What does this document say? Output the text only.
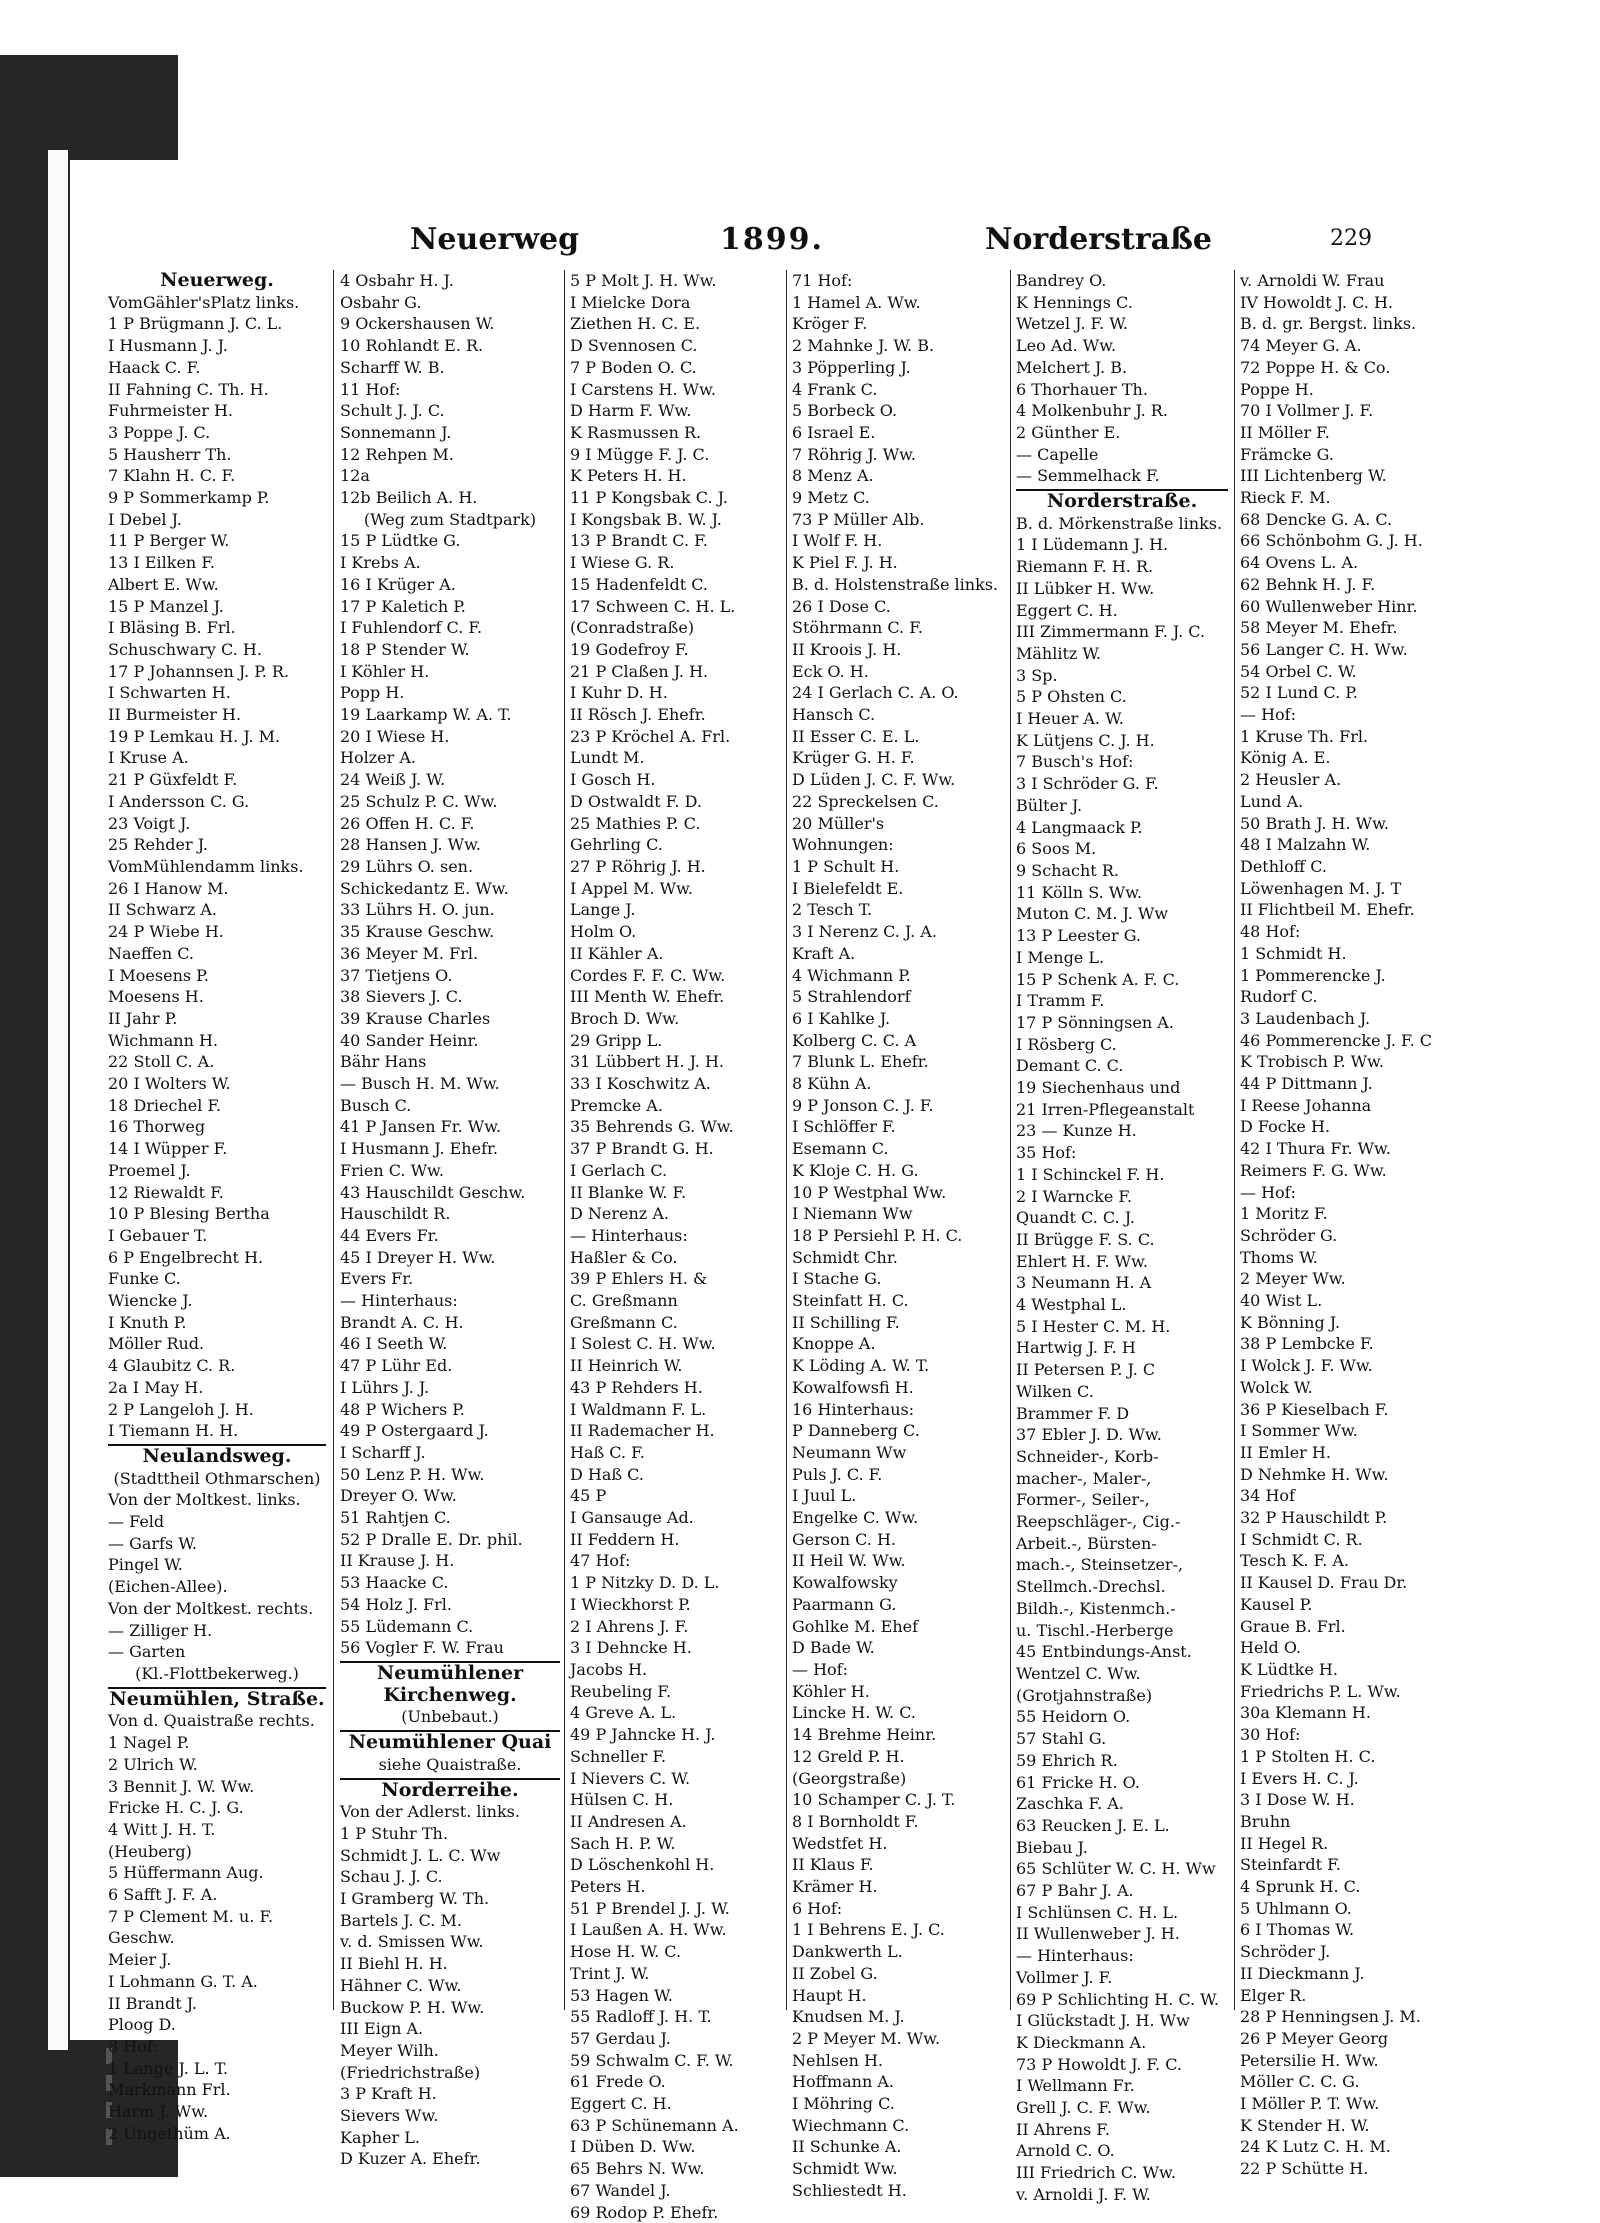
Neuerweg	1899.	Norderstraße	229
Neuerweg.
VomGähler'sPlatz links.
1 P Brügmann J. C. L.
I Husmann J. J.
Haack C. F.
II Fahning C. Th. H.
Fuhrmeister H.
3 Poppe J. C.
5 Hausherr Th.
7 Klahn H. C. F.
9 P Sommerkamp P.
I Debel J.
11 P Berger W.
13 I Eilken F.
Albert E. Ww.
15 P Manzel J.
I Bläsing B. Frl.
Schuschwary C. H.
17 P Johannsen J. P. R.
I Schwarten H.
II Burmeister H.
19 P Lemkau H. J. M.
I Kruse A.
21 P Güxfeldt F.
I Andersson C. G.
23 Voigt J.
25 Rehder J.
VomMühlendamm links.
26 I Hanow M.
II Schwarz A.
24 P Wiebe H.
Naeffen C.
I Moesens P.
Moesens H.
II Jahr P.
Wichmann H.
22 Stoll C. A.
20 I Wolters W.
18 Driechel F.
16 Thorweg
14 I Wüpper F.
Proemel J.
12 Riewaldt F.
10 P Blesing Bertha
I Gebauer T.
6 P Engelbrecht H.
Funke C.
Wiencke J.
I Knuth P.
Möller Rud.
4 Glaubitz C. R.
2a I May H.
2 P Langeloh J. H.
I Tiemann H. H.
Neulandsweg.
(Stadttheil Othmarschen)
Von der Moltkest. links.
— Feld
— Garfs W.
Pingel W.
(Eichen-Allee).
Von der Moltkest. rechts.
— Zilliger H.
— Garten
(Kl.-Flottbekerweg.)
Neumühlen, Straße.
Von d. Quaistraße rechts.
1 Nagel P.
2 Ulrich W.
3 Bennit J. W. Ww.
Fricke H. C. J. G.
4 Witt J. H. T.
(Heuberg)
5 Hüffermann Aug.
6 Safft J. F. A.
7 P Clement M. u. F.
Geschw.
Meier J.
I Lohmann G. T. A.
II Brandt J.
Ploog D.
8 Hof:
1 Lange J. L. T.
Markmann Frl.
Harm J. Ww.
2 Ungethüm A.
4 Osbahr H. J.
Osbahr G.
9 Ockershausen W.
10 Rohlandt E. R.
Scharff W. B.
11 Hof:
Schult J. J. C.
Sonnemann J.
12 Rehpen M.
12a
12b Beilich A. H.
(Weg zum Stadtpark)
15 P Lüdtke G.
I Krebs A.
16 I Krüger A.
17 P Kaletich P.
I Fuhlendorf C. F.
18 P Stender W.
I Köhler H.
Popp H.
19 Laarkamp W. A. T.
20 I Wiese H.
Holzer A.
24 Weiß J. W.
25 Schulz P. C. Ww.
26 Offen H. C. F.
28 Hansen J. Ww.
29 Lührs O. sen.
Schickedantz E. Ww.
33 Lührs H. O. jun.
35 Krause Geschw.
36 Meyer M. Frl.
37 Tietjens O.
38 Sievers J. C.
39 Krause Charles
40 Sander Heinr.
Bähr Hans
— Busch H. M. Ww.
Busch C.
41 P Jansen Fr. Ww.
I Husmann J. Ehefr.
Frien C. Ww.
43 Hauschildt Geschw.
Hauschildt R.
44 Evers Fr.
45 I Dreyer H. Ww.
Evers Fr.
— Hinterhaus:
Brandt A. C. H.
46 I Seeth W.
47 P Lühr Ed.
I Lührs J. J.
48 P Wichers P.
49 P Ostergaard J.
I Scharff J.
50 Lenz P. H. Ww.
Dreyer O. Ww.
51 Rahtjen C.
52 P Dralle E. Dr. phil.
II Krause J. H.
53 Haacke C.
54 Holz J. Frl.
55 Lüdemann C.
56 Vogler F. W. Frau
Neumühlener
Kirchenweg.
(Unbebaut.)
Neumühlener Quai
siehe Quaistraße.
Norderreihe.
Von der Adlerst. links.
1 P Stuhr Th.
Schmidt J. L. C. Ww
Schau J. J. C.
I Gramberg W. Th.
Bartels J. C. M.
v. d. Smissen Ww.
II Biehl H. H.
Hähner C. Ww.
Buckow P. H. Ww.
III Eign A.
Meyer Wilh.
(Friedrichstraße)
3 P Kraft H.
Sievers Ww.
Kapher L.
D Kuzer A. Ehefr.
5 P Molt J. H. Ww.
I Mielcke Dora
Ziethen H. C. E.
D Svennosen C.
7 P Boden O. C.
I Carstens H. Ww.
D Harm F. Ww.
K Rasmussen R.
9 I Mügge F. J. C.
K Peters H. H.
11 P Kongsbak C. J.
I Kongsbak B. W. J.
13 P Brandt C. F.
I Wiese G. R.
15 Hadenfeldt C.
17 Schween C. H. L.
(Conradstraße)
19 Godefroy F.
21 P Claßen J. H.
I Kuhr D. H.
II Rösch J. Ehefr.
23 P Kröchel A. Frl.
Lundt M.
I Gosch H.
D Ostwaldt F. D.
25 Mathies P. C.
Gehrling C.
27 P Röhrig J. H.
I Appel M. Ww.
Lange J.
Holm O.
II Kähler A.
Cordes F. F. C. Ww.
III Menth W. Ehefr.
Broch D. Ww.
29 Gripp L.
31 Lübbert H. J. H.
33 I Koschwitz A.
Premcke A.
35 Behrends G. Ww.
37 P Brandt G. H.
I Gerlach C.
II Blanke W. F.
D Nerenz A.
— Hinterhaus:
Haßler & Co.
39 P Ehlers H. &
C. Greßmann
Greßmann C.
I Solest C. H. Ww.
II Heinrich W.
43 P Rehders H.
I Waldmann F. L.
II Rademacher H.
Haß C. F.
D Haß C.
45 P
I Gansauge Ad.
II Feddern H.
47 Hof:
1 P Nitzky D. D. L.
I Wieckhorst P.
2 I Ahrens J. F.
3 I Dehncke H.
Jacobs H.
Reubeling F.
4 Greve A. L.
49 P Jahncke H. J.
Schneller F.
I Nievers C. W.
Hülsen C. H.
II Andresen A.
Sach H. P. W.
D Löschenkohl H.
Peters H.
51 P Brendel J. J. W.
I Laußen A. H. Ww.
Hose H. W. C.
Trint J. W.
53 Hagen W.
55 Radloff J. H. T.
57 Gerdau J.
59 Schwalm C. F. W.
61 Frede O.
Eggert C. H.
63 P Schünemann A.
I Düben D. Ww.
65 Behrs N. Ww.
67 Wandel J.
69 Rodop P. Ehefr.
71 Hof:
1 Hamel A. Ww.
Kröger F.
2 Mahnke J. W. B.
3 Pöpperling J.
4 Frank C.
5 Borbeck O.
6 Israel E.
7 Röhrig J. Ww.
8 Menz A.
9 Metz C.
73 P Müller Alb.
I Wolf F. H.
K Piel F. J. H.
B. d. Holstenstraße links.
26 I Dose C.
Stöhrmann C. F.
II Kroois J. H.
Eck O. H.
24 I Gerlach C. A. O.
Hansch C.
II Esser C. E. L.
Krüger G. H. F.
D Lüden J. C. F. Ww.
22 Spreckelsen C.
20 Müller's
Wohnungen:
1 P Schult H.
I Bielefeldt E.
2 Tesch T.
3 I Nerenz C. J. A.
Kraft A.
4 Wichmann P.
5 Strahlendorf
6 I Kahlke J.
Kolberg C. C. A
7 Blunk L. Ehefr.
8 Kühn A.
9 P Jonson C. J. F.
I Schlöffer F.
Esemann C.
K Kloje C. H. G.
10 P Westphal Ww.
I Niemann Ww
18 P Persiehl P. H. C.
Schmidt Chr.
I Stache G.
Steinfatt H. C.
II Schilling F.
Knoppe A.
K Löding A. W. T.
Kowalfowsfi H.
16 Hinterhaus:
P Danneberg C.
Neumann Ww
Puls J. C. F.
I Juul L.
Engelke C. Ww.
Gerson C. H.
II Heil W. Ww.
Kowalfowsky
Paarmann G.
Gohlke M. Ehef
D Bade W.
— Hof:
Köhler H.
Lincke H. W. C.
14 Brehme Heinr.
12 Greld P. H.
(Georgstraße)
10 Schamper C. J. T.
8 I Bornholdt F.
Wedstfet H.
II Klaus F.
Krämer H.
6 Hof:
1 I Behrens E. J. C.
Dankwerth L.
II Zobel G.
Haupt H.
Knudsen M. J.
2 P Meyer M. Ww.
Nehlsen H.
Hoffmann A.
I Möhring C.
Wiechmann C.
II Schunke A.
Schmidt Ww.
Schliestedt H.
Bandrey O.
K Hennings C.
Wetzel J. F. W.
Leo Ad. Ww.
Melchert J. B.
6 Thorhauer Th.
4 Molkenbuhr J. R.
2 Günther E.
— Capelle
— Semmelhack F.
Norderstraße.
B. d. Mörkenstraße links.
1 I Lüdemann J. H.
Riemann F. H. R.
II Lübker H. Ww.
Eggert C. H.
III Zimmermann F. J. C.
Mählitz W.
3 Sp.
5 P Ohsten C.
I Heuer A. W.
K Lütjens C. J. H.
7 Busch's Hof:
3 I Schröder G. F.
Bülter J.
4 Langmaack P.
6 Soos M.
9 Schacht R.
11 Kölln S. Ww.
Muton C. M. J. Ww
13 P Leester G.
I Menge L.
15 P Schenk A. F. C.
I Tramm F.
17 P Sönningsen A.
I Rösberg C.
Demant C. C.
19 Siechenhaus und
21 Irren-Pflegeanstalt
23 — Kunze H.
35 Hof:
1 I Schinckel F. H.
2 I Warncke F.
Quandt C. C. J.
II Brügge F. S. C.
Ehlert H. F. Ww.
3 Neumann H. A
4 Westphal L.
5 I Hester C. M. H.
Hartwig J. F. H
II Petersen P. J. C
Wilken C.
Brammer F. D
37 Ebler J. D. Ww.
Schneider-, Korb-
macher-, Maler-,
Former-, Seiler-,
Reepschläger-, Cig.-
Arbeit.-, Bürsten-
mach.-, Steinsetzer-,
Stellmch.-Drechsl.
Bildh.-, Kistenmch.-
u. Tischl.-Herberge
45 Entbindungs-Anst.
Wentzel C. Ww.
(Grotjahnstraße)
55 Heidorn O.
57 Stahl G.
59 Ehrich R.
61 Fricke H. O.
Zaschka F. A.
63 Reucken J. E. L.
Biebau J.
65 Schlüter W. C. H. Ww
67 P Bahr J. A.
I Schlünsen C. H. L.
II Wullenweber J. H.
— Hinterhaus:
Vollmer J. F.
69 P Schlichting H. C. W.
I Glückstadt J. H. Ww
K Dieckmann A.
73 P Howoldt J. F. C.
I Wellmann Fr.
Grell J. C. F. Ww.
II Ahrens F.
Arnold C. O.
III Friedrich C. Ww.
v. Arnoldi J. F. W.
v. Arnoldi W. Frau
IV Howoldt J. C. H.
B. d. gr. Bergst. links.
74 Meyer G. A.
72 Poppe H. & Co.
Poppe H.
70 I Vollmer J. F.
II Möller F.
Främcke G.
III Lichtenberg W.
Rieck F. M.
68 Dencke G. A. C.
66 Schönbohm G. J. H.
64 Ovens L. A.
62 Behnk H. J. F.
60 Wullenweber Hinr.
58 Meyer M. Ehefr.
56 Langer C. H. Ww.
54 Orbel C. W.
52 I Lund C. P.
— Hof:
1 Kruse Th. Frl.
König A. E.
2 Heusler A.
Lund A.
50 Brath J. H. Ww.
48 I Malzahn W.
Dethloff C.
Löwenhagen M. J. T
II Flichtbeil M. Ehefr.
48 Hof:
1 Schmidt H.
1 Pommerencke J.
Rudorf C.
3 Laudenbach J.
46 Pommerencke J. F. C
K Trobisch P. Ww.
44 P Dittmann J.
I Reese Johanna
D Focke H.
42 I Thura Fr. Ww.
Reimers F. G. Ww.
— Hof:
1 Moritz F.
Schröder G.
Thoms W.
2 Meyer Ww.
40 Wist L.
K Bönning J.
38 P Lembcke F.
I Wolck J. F. Ww.
Wolck W.
36 P Kieselbach F.
I Sommer Ww.
II Emler H.
D Nehmke H. Ww.
34 Hof
32 P Hauschildt P.
I Schmidt C. R.
Tesch K. F. A.
II Kausel D. Frau Dr.
Kausel P.
Graue B. Frl.
Held O.
K Lüdtke H.
Friedrichs P. L. Ww.
30a Klemann H.
30 Hof:
1 P Stolten H. C.
I Evers H. C. J.
3 I Dose W. H.
Bruhn
II Hegel R.
Steinfardt F.
4 Sprunk H. C.
5 Uhlmann O.
6 I Thomas W.
Schröder J.
II Dieckmann J.
Elger R.
28 P Henningsen J. M.
26 P Meyer Georg
Petersilie H. Ww.
Möller C. C. G.
I Möller P. T. Ww.
K Stender H. W.
24 K Lutz C. H. M.
22 P Schütte H.
